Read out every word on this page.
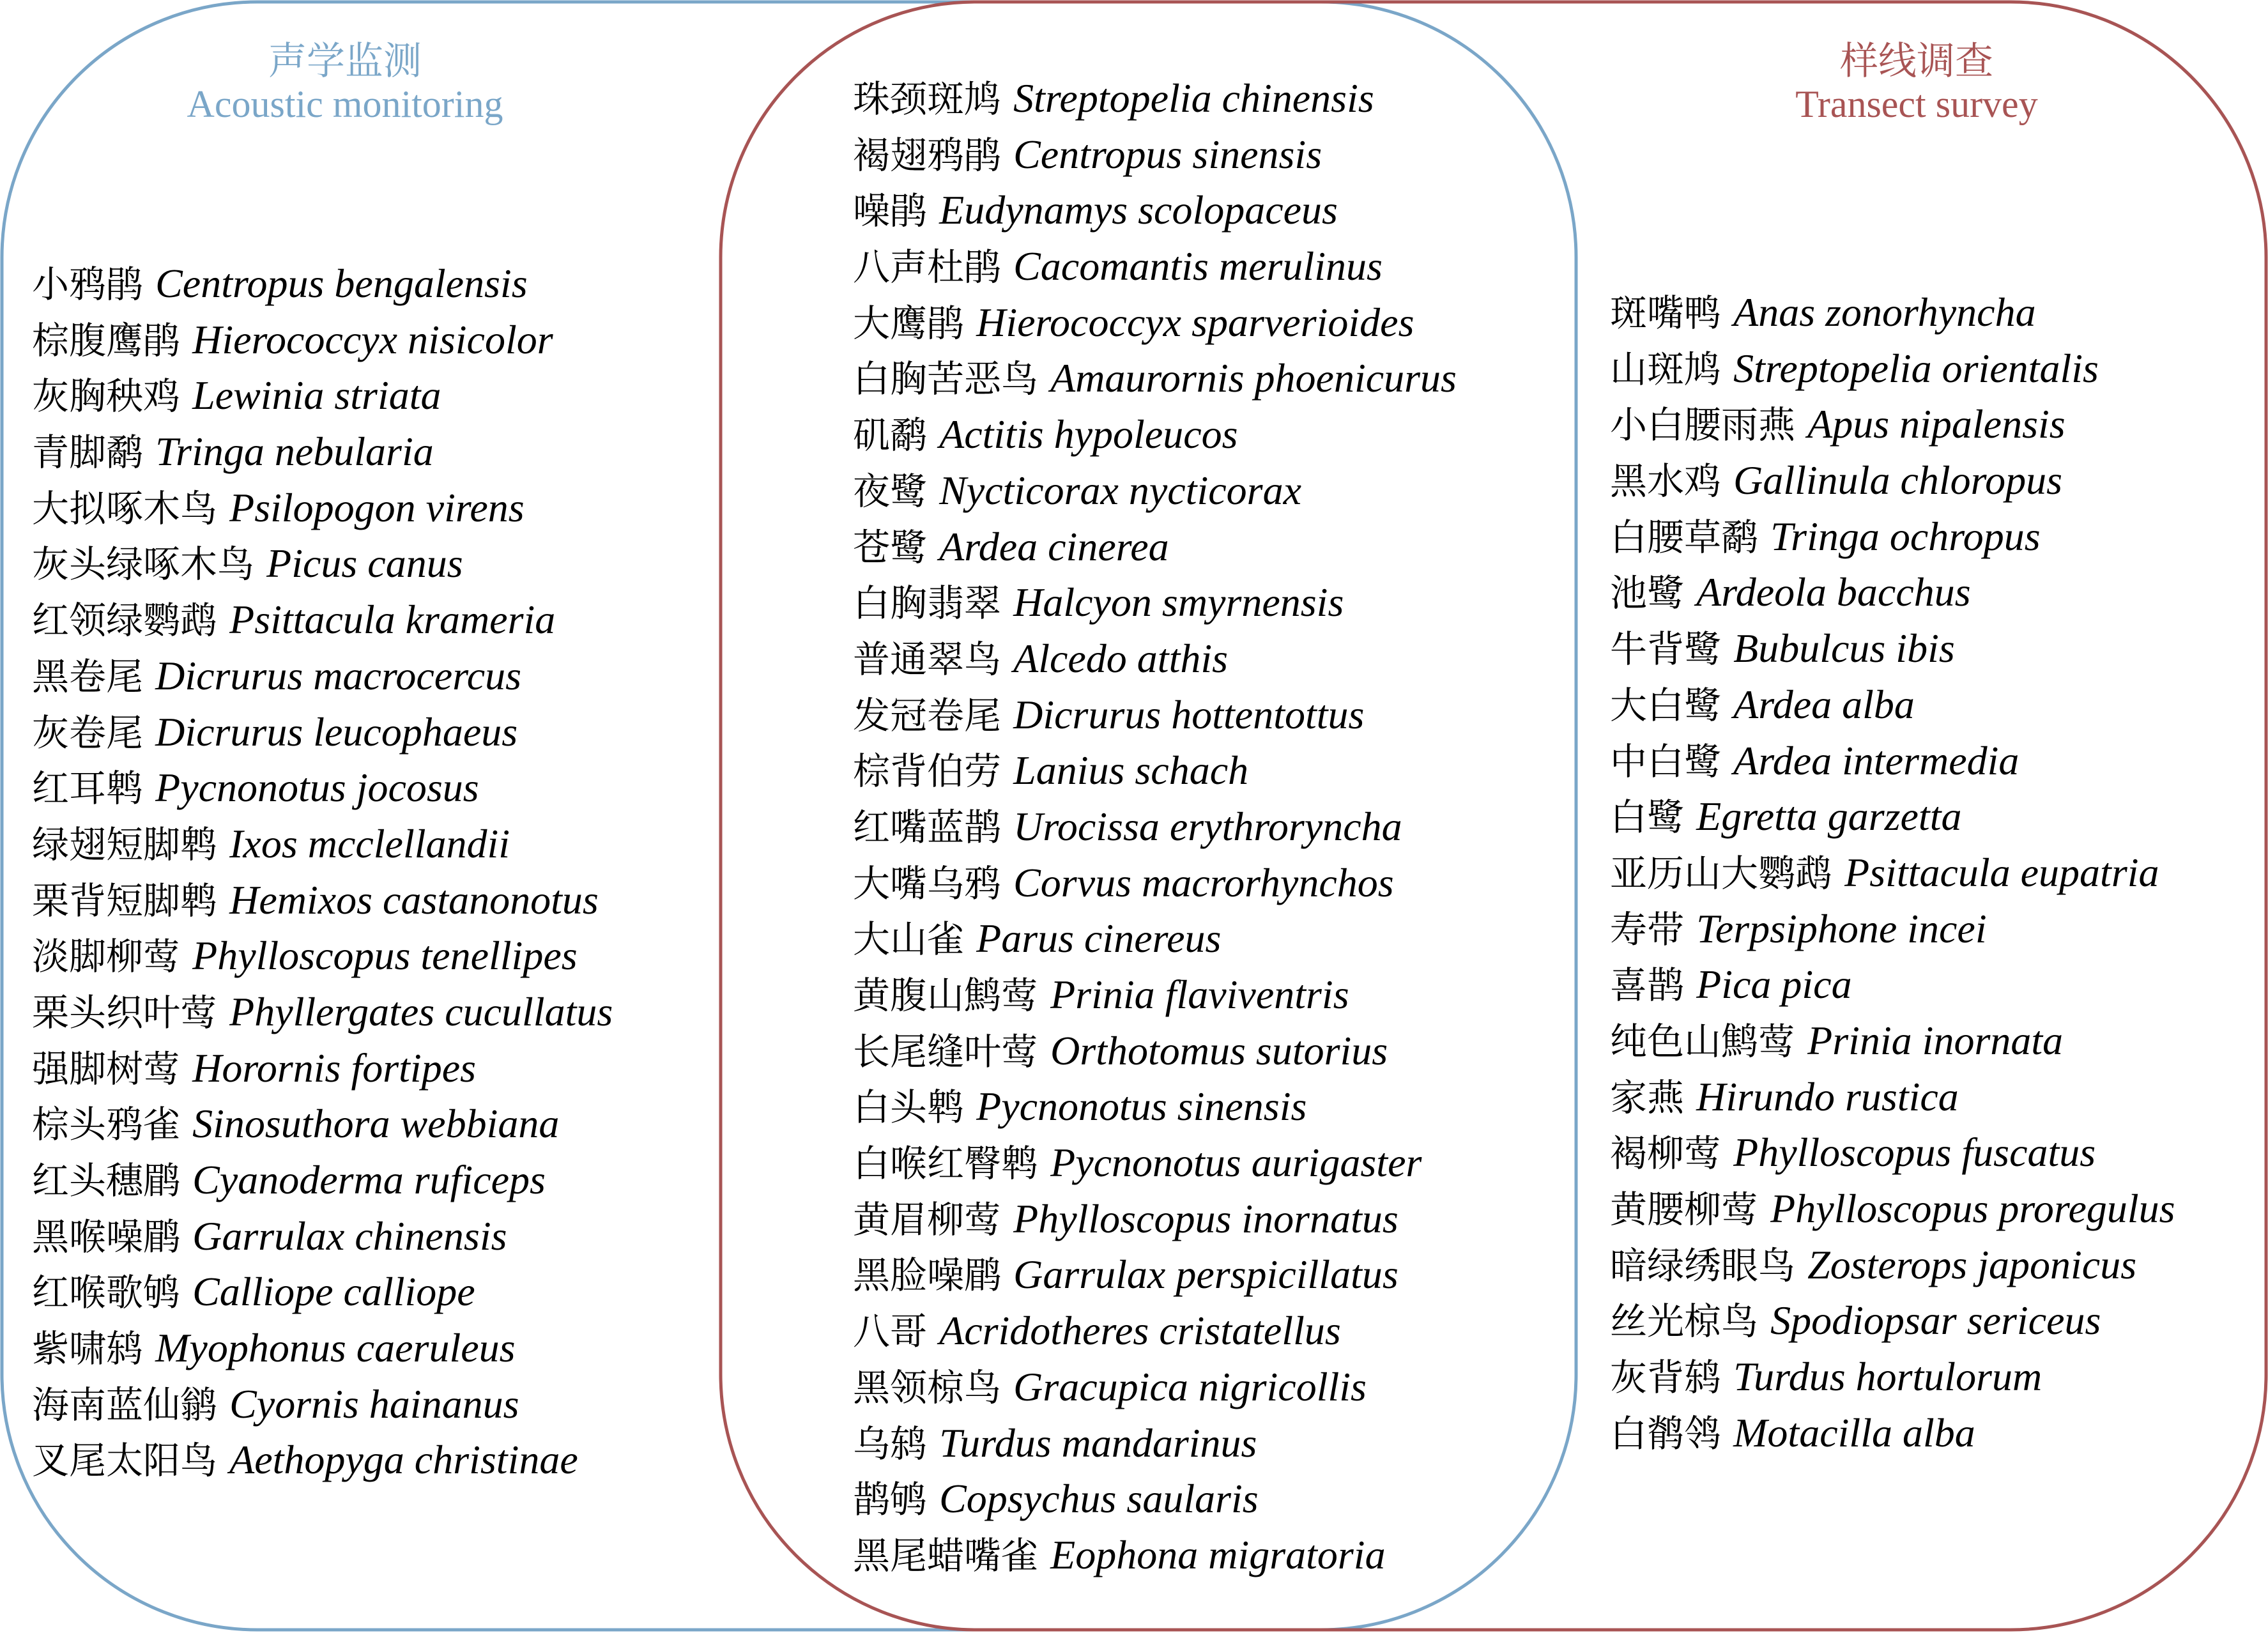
声学监测
Acoustic monitoring
样线调查
Transect survey
小鸦鹃 Centropus bengalensis
棕腹鹰鹃 Hierococcyx nisicolor
灰胸秧鸡 Lewinia striata
青脚鹬 Tringa nebularia
大拟啄木鸟 Psilopogon virens
灰头绿啄木鸟 Picus canus
红领绿鹦鹉 Psittacula krameria
黑卷尾 Dicrurus macrocercus
灰卷尾 Dicrurus leucophaeus
红耳鹎 Pycnonotus jocosus
绿翅短脚鹎 Ixos mcclellandii
栗背短脚鹎 Hemixos castanonotus
淡脚柳莺 Phylloscopus tenellipes
栗头织叶莺 Phyllergates cucullatus
强脚树莺 Horornis fortipes
棕头鸦雀 Sinosuthora webbiana
红头穗鹛 Cyanoderma ruficeps
黑喉噪鹛 Garrulax chinensis
红喉歌鸲 Calliope calliope
紫啸鸫 Myophonus caeruleus
海南蓝仙鹟 Cyornis hainanus
叉尾太阳鸟 Aethopyga christinae
珠颈斑鸠 Streptopelia chinensis
褐翅鸦鹃 Centropus sinensis
噪鹃 Eudynamys scolopaceus
八声杜鹃 Cacomantis merulinus
大鹰鹃 Hierococcyx sparverioides
白胸苦恶鸟 Amaurornis phoenicurus
矶鹬 Actitis hypoleucos
夜鹭 Nycticorax nycticorax
苍鹭 Ardea cinerea
白胸翡翠 Halcyon smyrnensis
普通翠鸟 Alcedo atthis
发冠卷尾 Dicrurus hottentottus
棕背伯劳 Lanius schach
红嘴蓝鹊 Urocissa erythroryncha
大嘴乌鸦 Corvus macrorhynchos
大山雀 Parus cinereus
黄腹山鹪莺 Prinia flaviventris
长尾缝叶莺 Orthotomus sutorius
白头鹎 Pycnonotus sinensis
白喉红臀鹎 Pycnonotus aurigaster
黄眉柳莺 Phylloscopus inornatus
黑脸噪鹛 Garrulax perspicillatus
八哥 Acridotheres cristatellus
黑领椋鸟 Gracupica nigricollis
乌鸫 Turdus mandarinus
鹊鸲 Copsychus saularis
黑尾蜡嘴雀 Eophona migratoria
斑嘴鸭 Anas zonorhyncha
山斑鸠 Streptopelia orientalis
小白腰雨燕 Apus nipalensis
黑水鸡 Gallinula chloropus
白腰草鹬 Tringa ochropus
池鹭 Ardeola bacchus
牛背鹭 Bubulcus ibis
大白鹭 Ardea alba
中白鹭 Ardea intermedia
白鹭 Egretta garzetta
亚历山大鹦鹉 Psittacula eupatria
寿带 Terpsiphone incei
喜鹊 Pica pica
纯色山鹪莺 Prinia inornata
家燕 Hirundo rustica
褐柳莺 Phylloscopus fuscatus
黄腰柳莺 Phylloscopus proregulus
暗绿绣眼鸟 Zosterops japonicus
丝光椋鸟 Spodiopsar sericeus
灰背鸫 Turdus hortulorum
白鹡鸰 Motacilla alba
